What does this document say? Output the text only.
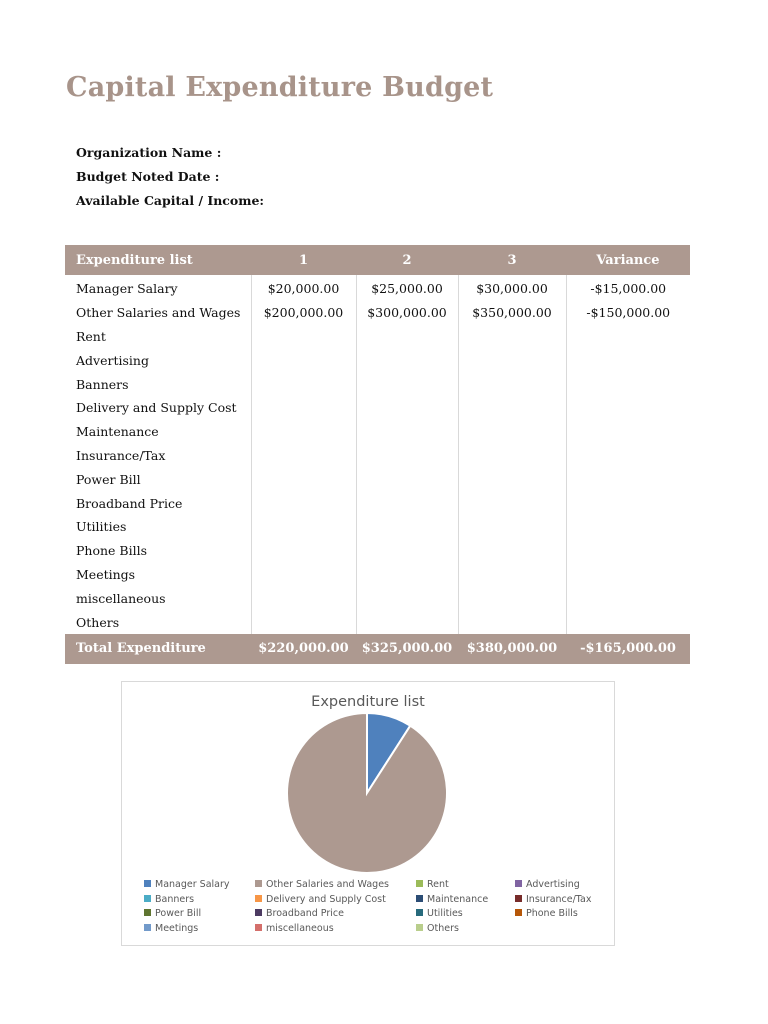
Capital Expenditure Budget
Organization Name :
Budget Noted Date :
Available Capital / Income:
Expenditure list	1	2	3	Variance
Manager Salary	$20,000.00	$25,000.00	$30,000.00	-$15,000.00
Other Salaries and Wages	$200,000.00	$300,000.00	$350,000.00	-$150,000.00
Rent				
Advertising				
Banners				
Delivery and Supply Cost				
Maintenance				
Insurance/Tax				
Power Bill				
Broadband Price				
Utilities				
Phone Bills				
Meetings				
miscellaneous				
Others				
Total Expenditure	$220,000.00	$325,000.00	$380,000.00	-$165,000.00
Expenditure list
Manager Salary	Other Salaries and Wages	Rent	Advertising
Banners	Delivery and Supply Cost	Maintenance	Insurance/Tax
Power Bill	Broadband Price	Utilities	Phone Bills
Meetings	miscellaneous	Others
